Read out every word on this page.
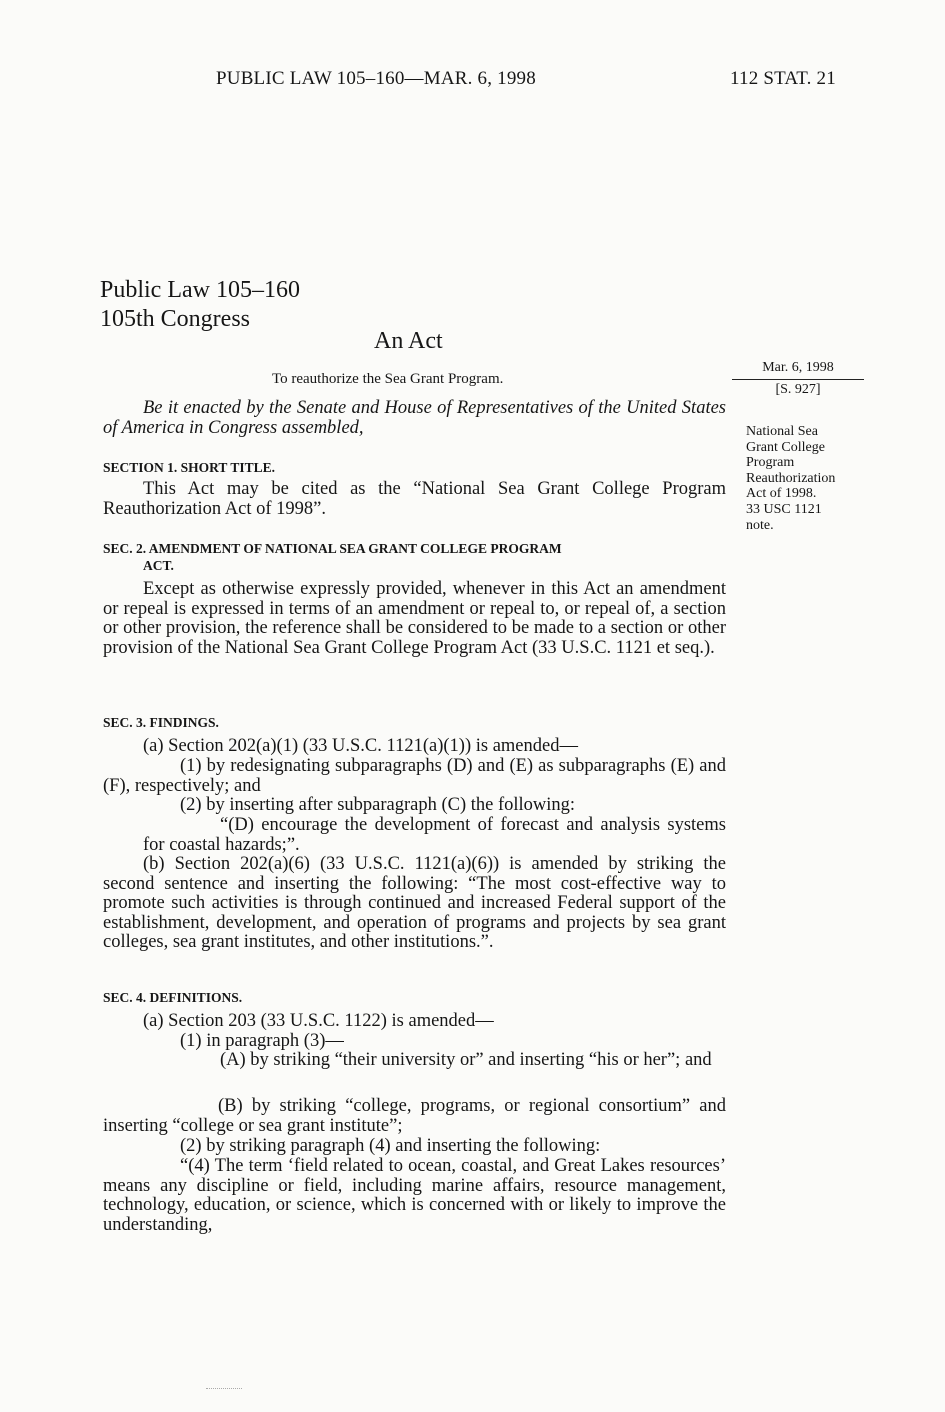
PUBLIC LAW 105–160—MAR. 6, 1998	112 STAT. 21
Public Law 105–160
105th Congress
An Act
To reauthorize the Sea Grant Program.
Mar. 6, 1998
[S. 927]
National Sea
Grant College
Program
Reauthorization
Act of 1998.
33 USC 1121
note.

Be it enacted by the Senate and House of Representatives of the United States of America in Congress assembled,

SECTION 1. SHORT TITLE.

This Act may be cited as the “National Sea Grant College Program Reauthorization Act of 1998”.

SEC. 2. AMENDMENT OF NATIONAL SEA GRANT COLLEGE PROGRAM
ACT.

Except as otherwise expressly provided, whenever in this Act an amendment or repeal is expressed in terms of an amendment or repeal to, or repeal of, a section or other provision, the reference shall be considered to be made to a section or other provision of the National Sea Grant College Program Act (33 U.S.C. 1121 et seq.).

SEC. 3. FINDINGS.

(a) Section 202(a)(1) (33 U.S.C. 1121(a)(1)) is amended—

(1) by redesignating subparagraphs (D) and (E) as subparagraphs (E) and (F), respectively; and

(2) by inserting after subparagraph (C) the following:

“(D) encourage the development of forecast and analysis systems for coastal hazards;”.

(b) Section 202(a)(6) (33 U.S.C. 1121(a)(6)) is amended by striking the second sentence and inserting the following: “The most cost-effective way to promote such activities is through continued and increased Federal support of the establishment, development, and operation of programs and projects by sea grant colleges, sea grant institutes, and other institutions.”.

SEC. 4. DEFINITIONS.

(a) Section 203 (33 U.S.C. 1122) is amended—

(1) in paragraph (3)—

(A) by striking “their university or” and inserting “his or her”; and

(B) by striking “college, programs, or regional consortium” and inserting “college or sea grant institute”;

(2) by striking paragraph (4) and inserting the following:

“(4) The term ‘field related to ocean, coastal, and Great Lakes resources’ means any discipline or field, including marine affairs, resource management, technology, education, or science, which is concerned with or likely to improve the understanding,
